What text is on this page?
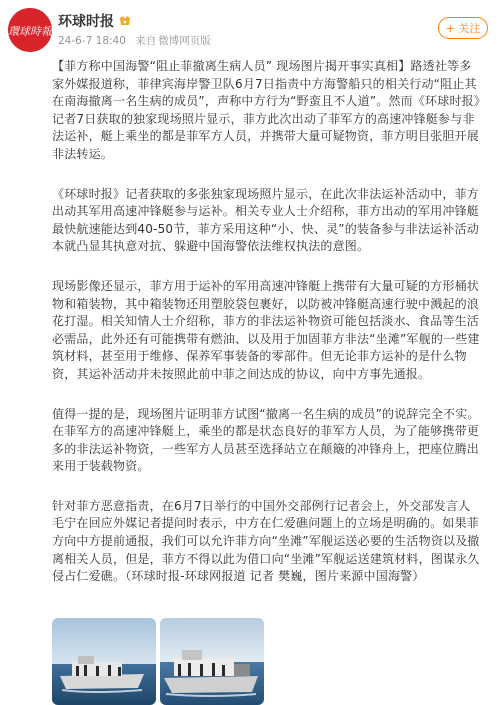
環球時報
环球时报
24-6-7 18:40 来自 微博网页版
+ 关注

【菲方称中国海警“阻止菲撤离生病人员” 现场图片揭开事实真相】路透社等多家外媒报道称，菲律宾海岸警卫队6月7日指责中方海警船只的相关行动“阻止其在南海撤离一名生病的成员”，声称中方行为“野蛮且不人道”。然而《环球时报》记者7日获取的独家现场照片显示，菲方此次出动了菲军方的高速冲锋艇参与非法运补，艇上乘坐的都是菲军方人员，并携带大量可疑物资，菲方明目张胆开展非法转运。

《环球时报》记者获取的多张独家现场照片显示，在此次非法运补活动中，菲方出动其军用高速冲锋艇参与运补。相关专业人士介绍称，菲方出动的军用冲锋艇最快航速能达到40-50节，菲方采用这种“小、快、灵”的装备参与非法运补活动本就凸显其执意对抗、躲避中国海警依法维权执法的意图。

现场影像还显示，菲方用于运补的军用高速冲锋艇上携带有大量可疑的方形桶状物和箱装物，其中箱装物还用塑胶袋包裹好，以防被冲锋艇高速行驶中溅起的浪花打湿。相关知情人士介绍称，菲方的非法运补物资可能包括淡水、食品等生活必需品，此外还有可能携带有燃油、以及用于加固菲方非法“坐滩”军舰的一些建筑材料，甚至用于维修、保养军事装备的零部件。但无论菲方运补的是什么物资，其运补活动并未按照此前中菲之间达成的协议，向中方事先通报。

值得一提的是，现场图片证明菲方试图“撤离一名生病的成员”的说辞完全不实。在菲军方的高速冲锋艇上，乘坐的都是状态良好的菲军方人员，为了能够携带更多的非法运补物资，一些军方人员甚至选择站立在颠簸的冲锋舟上，把座位腾出来用于装载物资。

针对菲方恶意指责，在6月7日举行的中国外交部例行记者会上，外交部发言人毛宁在回应外媒记者提问时表示，中方在仁爱礁问题上的立场是明确的。如果菲方向中方提前通报，我们可以允许菲方向“坐滩”军舰运送必要的生活物资以及撤离相关人员，但是，菲方不得以此为借口向“坐滩”军舰运送建筑材料，图谋永久侵占仁爱礁。（环球时报-环球网报道 记者 樊巍，图片来源中国海警）
